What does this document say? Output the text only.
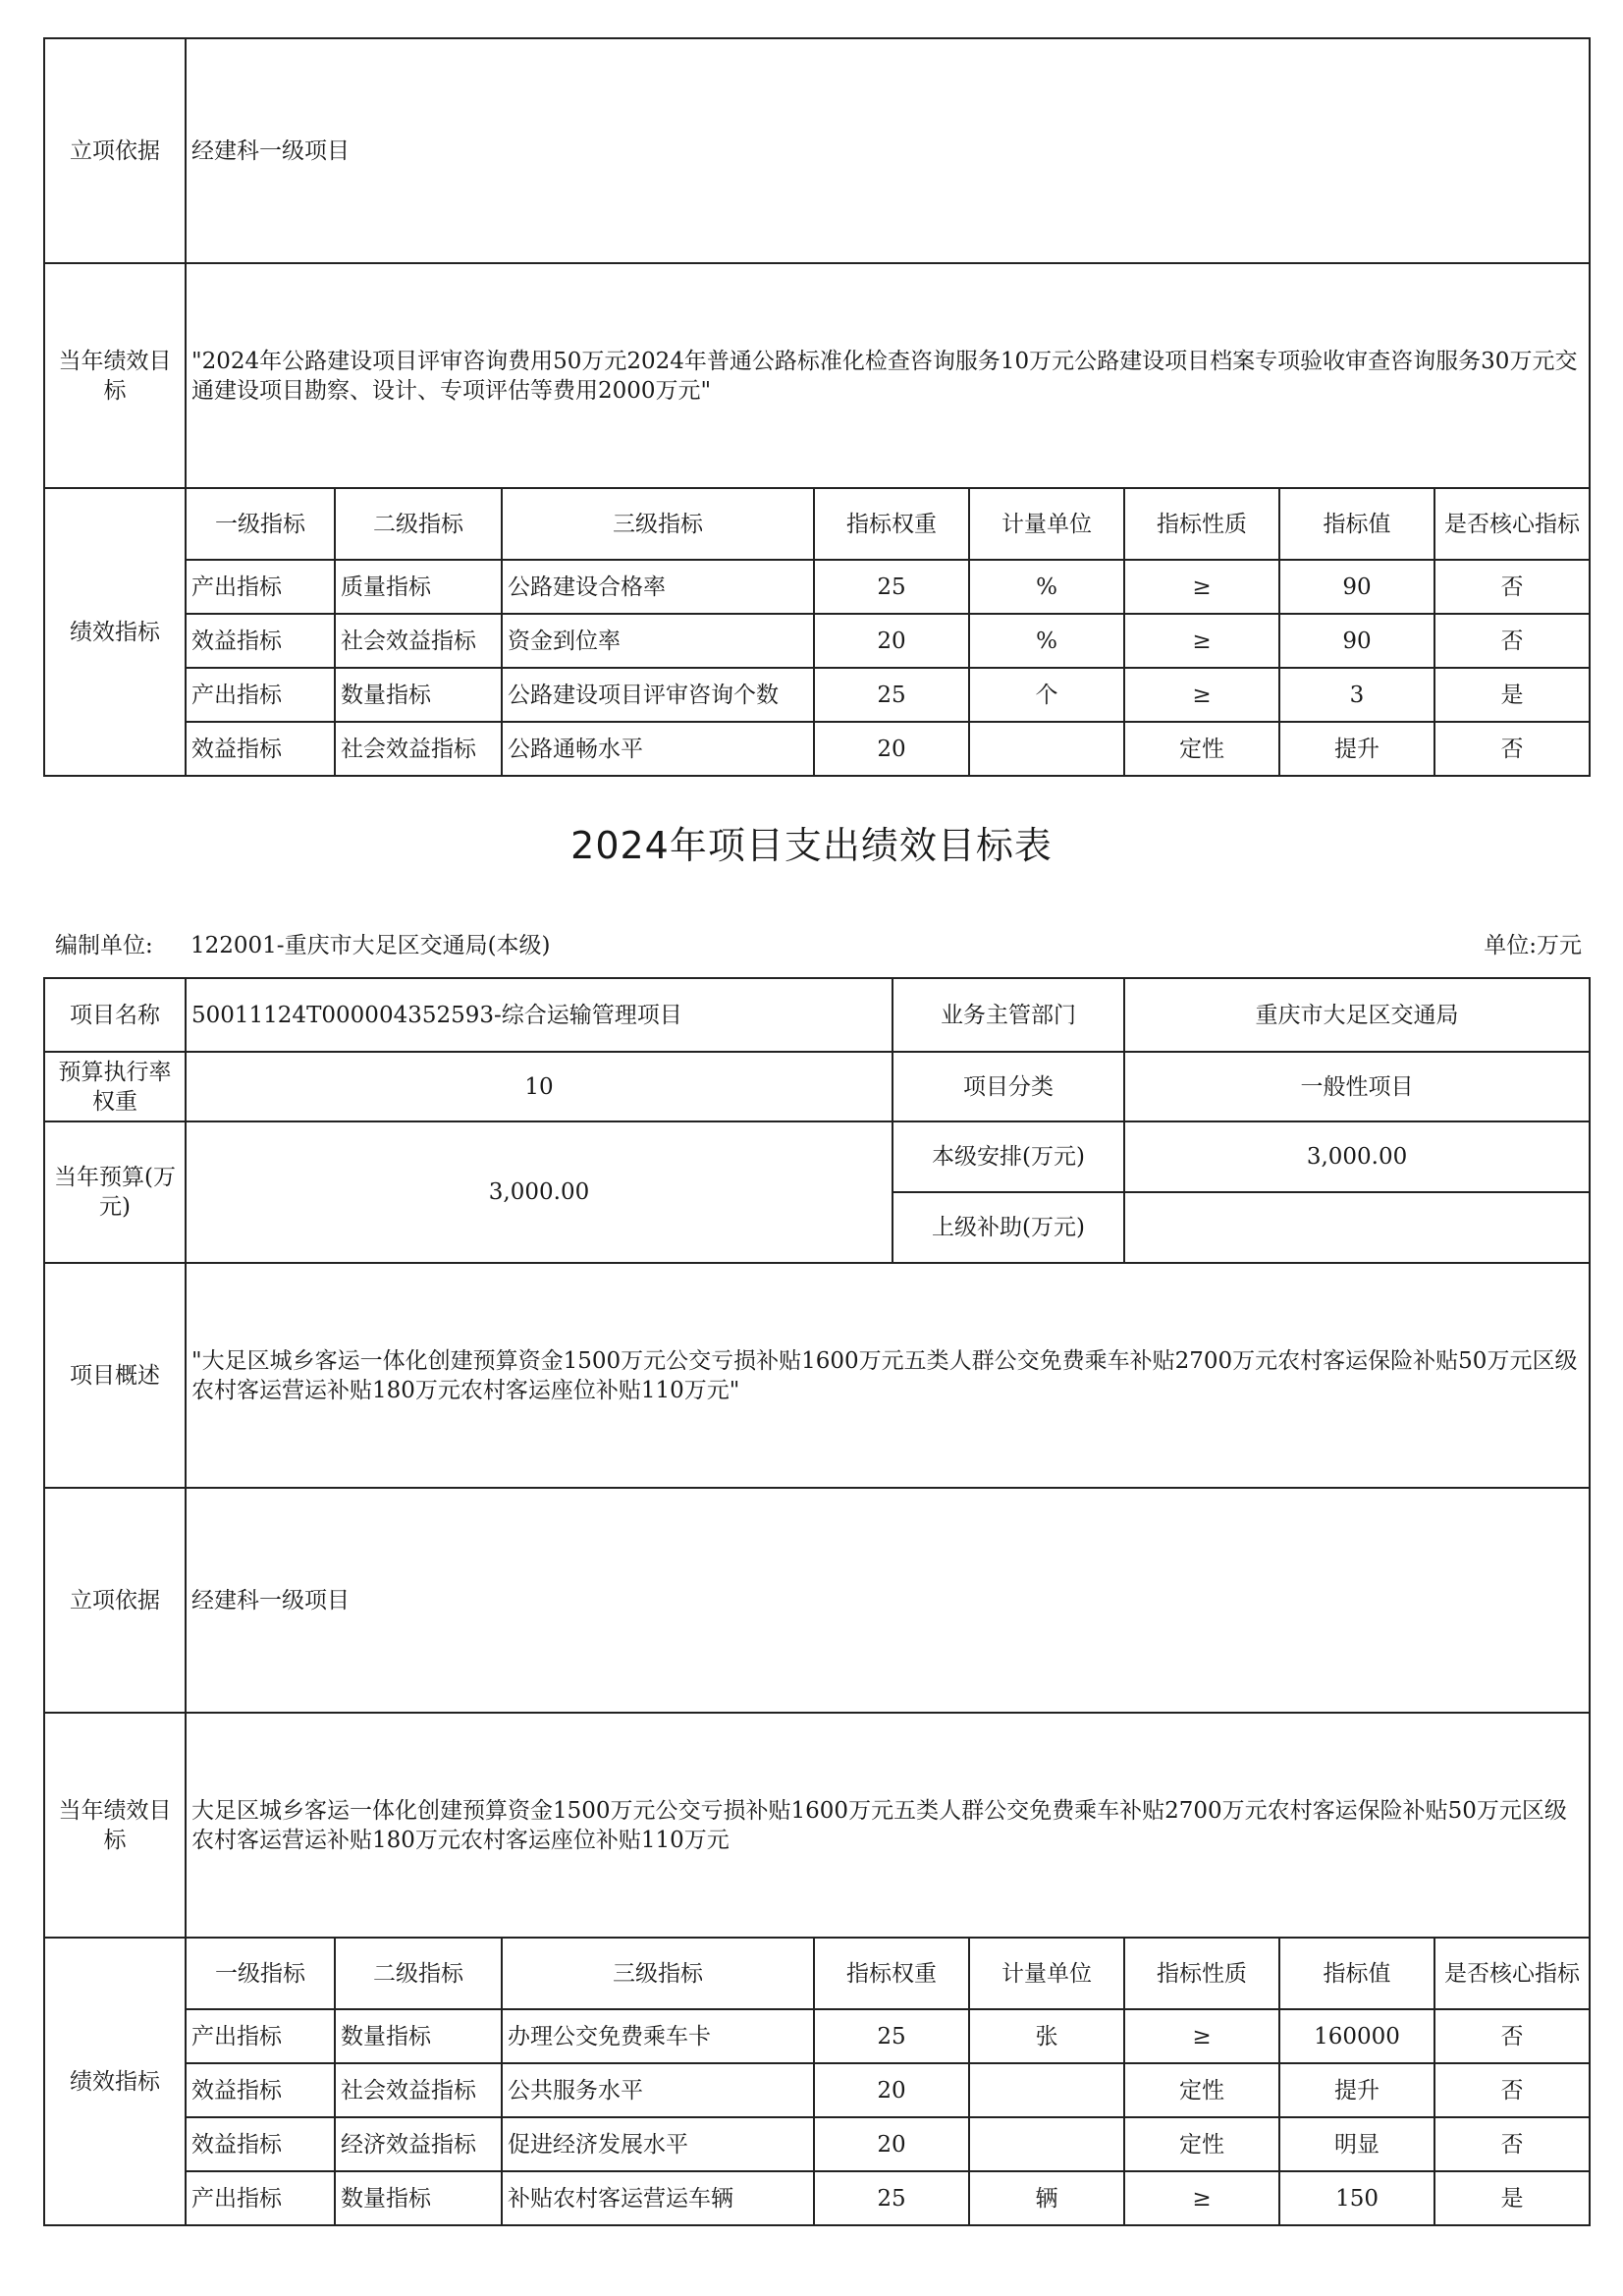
立项依据	经建科一级项目							
当年绩效目标	"2024年公路建设项目评审咨询费用50万元2024年普通公路标准化检查咨询服务10万元公路建设项目档案专项验收审查咨询服务30万元交通建设项目勘察、设计、专项评估等费用2000万元"							
绩效指标	一级指标	二级指标	三级指标	指标权重	计量单位	指标性质	指标值	是否核心指标
	产出指标	质量指标	公路建设合格率	25	%	≥	90	否
	效益指标	社会效益指标	资金到位率	20	%	≥	90	否
	产出指标	数量指标	公路建设项目评审咨询个数	25	个	≥	3	是
	效益指标	社会效益指标	公路通畅水平	20		定性	提升	否
2024年项目支出绩效目标表
编制单位: 122001-重庆市大足区交通局(本级)	单位:万元
项目名称	50011124T000004352593-综合运输管理项目				业务主管部门		重庆市大足区交通局		
预算执行率权重	10				项目分类		一般性项目		
当年预算(万元)	3,000.00				本级安排(万元)		3,000.00		
					上级补助(万元)				
项目概述	"大足区城乡客运一体化创建预算资金1500万元公交亏损补贴1600万元五类人群公交免费乘车补贴2700万元农村客运保险补贴50万元区级农村客运营运补贴180万元农村客运座位补贴110万元"								
立项依据	经建科一级项目								
当年绩效目标	大足区城乡客运一体化创建预算资金1500万元公交亏损补贴1600万元五类人群公交免费乘车补贴2700万元农村客运保险补贴50万元区级农村客运营运补贴180万元农村客运座位补贴110万元								
绩效指标	一级指标	二级指标	三级指标	指标权重		计量单位	指标性质	指标值	是否核心指标
	产出指标	数量指标	办理公交免费乘车卡	25		张	≥	160000	否
	效益指标	社会效益指标	公共服务水平	20			定性	提升	否
	效益指标	经济效益指标	促进经济发展水平	20			定性	明显	否
	产出指标	数量指标	补贴农村客运营运车辆	25		辆	≥	150	是
